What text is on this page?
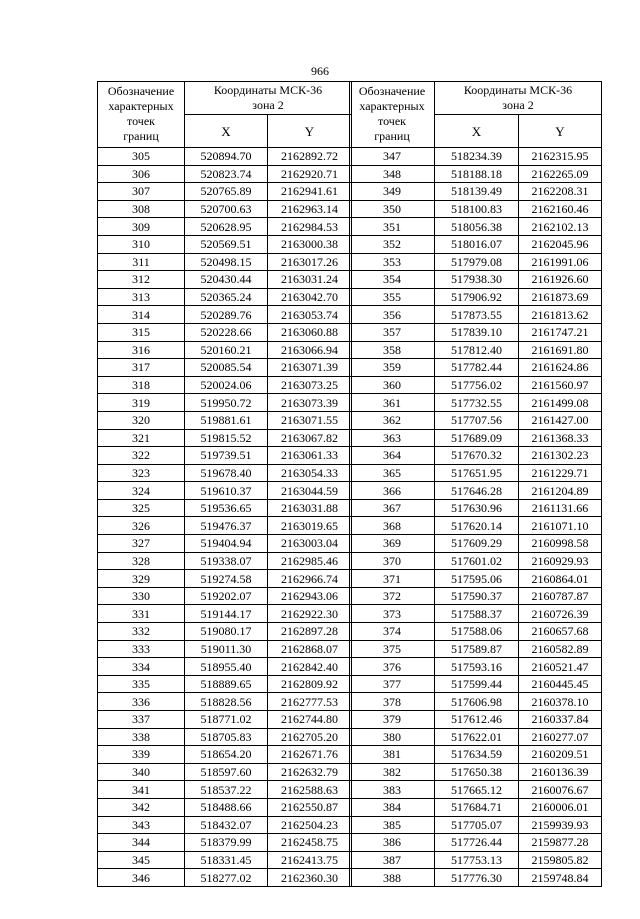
966
Обозначение
характерных
точек
границ	Координаты МСК-36
зона 2	
	X	Y
305	520894.70	2162892.72
306	520823.74	2162920.71
307	520765.89	2162941.61
308	520700.63	2162963.14
309	520628.95	2162984.53
310	520569.51	2163000.38
311	520498.15	2163017.26
312	520430.44	2163031.24
313	520365.24	2163042.70
314	520289.76	2163053.74
315	520228.66	2163060.88
316	520160.21	2163066.94
317	520085.54	2163071.39
318	520024.06	2163073.25
319	519950.72	2163073.39
320	519881.61	2163071.55
321	519815.52	2163067.82
322	519739.51	2163061.33
323	519678.40	2163054.33
324	519610.37	2163044.59
325	519536.65	2163031.88
326	519476.37	2163019.65
327	519404.94	2163003.04
328	519338.07	2162985.46
329	519274.58	2162966.74
330	519202.07	2162943.06
331	519144.17	2162922.30
332	519080.17	2162897.28
333	519011.30	2162868.07
334	518955.40	2162842.40
335	518889.65	2162809.92
336	518828.56	2162777.53
337	518771.02	2162744.80
338	518705.83	2162705.20
339	518654.20	2162671.76
340	518597.60	2162632.79
341	518537.22	2162588.63
342	518488.66	2162550.87
343	518432.07	2162504.23
344	518379.99	2162458.75
345	518331.45	2162413.75
346	518277.02	2162360.30
Обозначение
характерных
точек
границ	Координаты МСК-36
зона 2	
	X	Y
347	518234.39	2162315.95
348	518188.18	2162265.09
349	518139.49	2162208.31
350	518100.83	2162160.46
351	518056.38	2162102.13
352	518016.07	2162045.96
353	517979.08	2161991.06
354	517938.30	2161926.60
355	517906.92	2161873.69
356	517873.55	2161813.62
357	517839.10	2161747.21
358	517812.40	2161691.80
359	517782.44	2161624.86
360	517756.02	2161560.97
361	517732.55	2161499.08
362	517707.56	2161427.00
363	517689.09	2161368.33
364	517670.32	2161302.23
365	517651.95	2161229.71
366	517646.28	2161204.89
367	517630.96	2161131.66
368	517620.14	2161071.10
369	517609.29	2160998.58
370	517601.02	2160929.93
371	517595.06	2160864.01
372	517590.37	2160787.87
373	517588.37	2160726.39
374	517588.06	2160657.68
375	517589.87	2160582.89
376	517593.16	2160521.47
377	517599.44	2160445.45
378	517606.98	2160378.10
379	517612.46	2160337.84
380	517622.01	2160277.07
381	517634.59	2160209.51
382	517650.38	2160136.39
383	517665.12	2160076.67
384	517684.71	2160006.01
385	517705.07	2159939.93
386	517726.44	2159877.28
387	517753.13	2159805.82
388	517776.30	2159748.84
